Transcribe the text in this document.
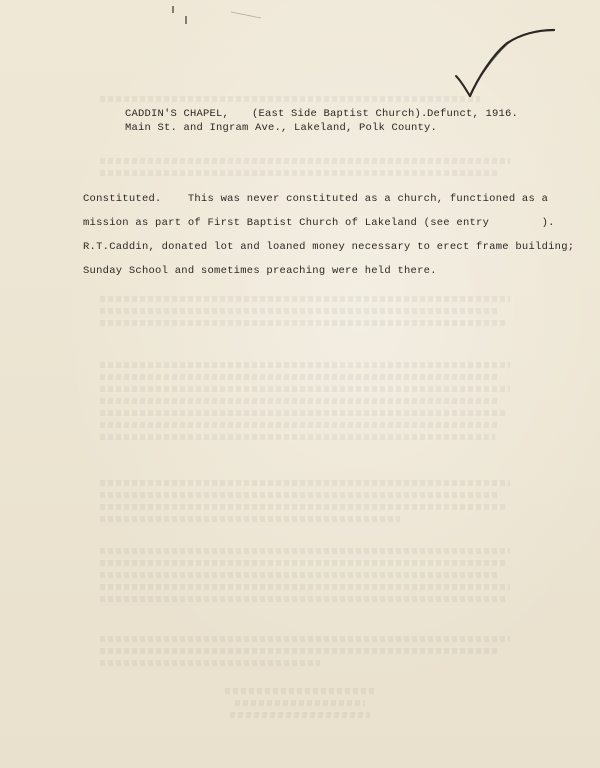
CADDIN'S CHAPEL, (East Side Baptist Church). Defunct, 1916.
Main St. and Ingram Ave., Lakeland, Polk County.
Constituted.    This was never constituted as a church, functioned as a
mission as part of First Baptist Church of Lakeland (see entry        ).
R.T.Caddin, donated lot and loaned money necessary to erect frame building;
Sunday School and sometimes preaching were held there.
